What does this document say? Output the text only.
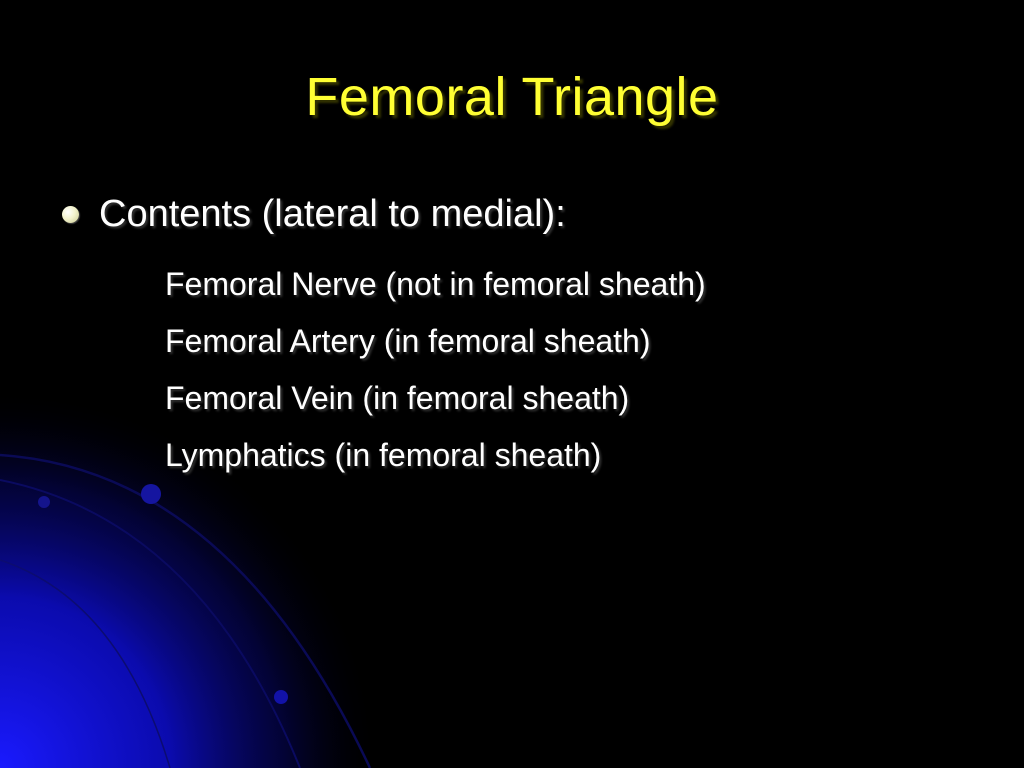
Femoral Triangle
Contents (lateral to medial):
Femoral Nerve (not in femoral sheath)
Femoral Artery (in femoral sheath)
Femoral Vein (in femoral sheath)
Lymphatics (in femoral sheath)
